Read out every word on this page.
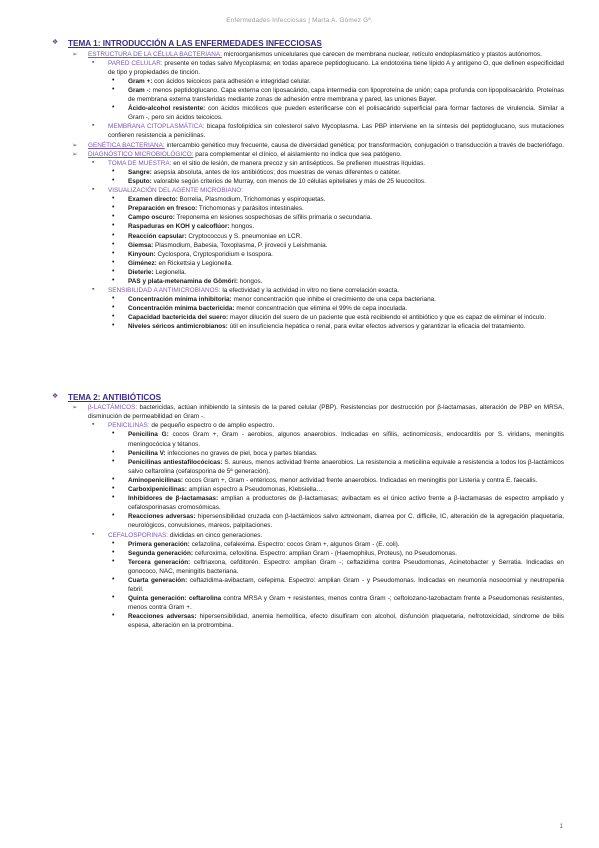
Enfermedades Infecciosas | Marta A. Gómez Gª.

❖ TEMA 1: INTRODUCCIÓN A LAS ENFERMEDADES INFECCIOSAS

➢ ESTRUCTURA DE LA CÉLULA BACTERIANA: microorganismos unicelulares que carecen de membrana nuclear, retículo endoplasmático y plastos autónomos.

▪ PARED CELULAR: presente en todas salvo Mycoplasma; en todas aparece peptidoglucano. La endotoxina tiene lípido A y antígeno O, que definen especificidad de tipo y propiedades de tinción.

• Gram +: con ácidos teicoicos para adhesión e integridad celular.

• Gram -: menos peptidoglucano. Capa externa con liposacárido, capa intermedia con lipoproteína de unión; capa profunda con lipopolisacárido. Proteínas de membrana externa transferidas mediante zonas de adhesión entre membrana y pared, las uniones Bayer.

• Ácido-alcohol resistente: con ácidos micólicos que pueden esterificarse con el polisacárido superficial para formar factores de virulencia. Similar a Gram -, pero sin ácidos teicoicos.

▪ MEMBRANA CITOPLASMÁTICA: bicapa fosfolipídica sin colesterol salvo Mycoplasma. Las PBP interviene en la síntesis del peptidoglucano, sus mutaciones confieren resistencia a penicilinas.

➢ GENÉTICA BACTERIANA: intercambio genético muy frecuente, causa de diversidad genética; por transformación, conjugación o transducción a través de bacteriófago.

➢ DIAGNÓSTICO MICROBIOLÓGICO: para complementar el clínico, el aislamiento no indica que sea patógeno.

▪ TOMA DE MUESTRA: en el sitio de lesión, de manera precoz y sin antisépticos. Se prefieren muestras líquidas.

• Sangre: asepsia absoluta, antes de los antibióticos; dos muestras de venas diferentes o catéter.

• Esputo: valorable según criterios de Murray, con menos de 10 células epiteliales y más de 25 leucocitos.

▪ VISUALIZACIÓN DEL AGENTE MICROBIANO:

• Examen directo: Borrelia, Plasmodium, Trichomonas y espiroquetas.

• Preparación en fresco: Trichomonas y parásitos intestinales.

• Campo oscuro: Treponema en lesiones sospechosas de sífilis primaria o secundaria.

• Raspaduras en KOH y calcoflúor: hongos.

• Reacción capsular: Cryptococcus y S. pneumoniae en LCR.

• Giemsa: Plasmodium, Babesia, Toxoplasma, P. jirovecii y Leishmania.

• Kinyoun: Cyclospora, Cryptosporidium e Isospora.

• Giménez: en Rickettsia y Legionella.

• Dieterle: Legionella.

• PAS y plata-metenamina de Gömöri: hongos.

▪ SENSIBILIDAD A ANTIMICROBIANOS: la efectividad y la actividad in vitro no tiene correlación exacta.

• Concentración mínima inhibitoria: menor concentración que inhibe el crecimiento de una cepa bacteriana.

• Concentración mínima bactericida: menor concentración que elimina el 99% de cepa inoculada.

• Capacidad bactericida del suero: mayor dilución del suero de un paciente que está recibiendo el antibiótico y que es capaz de eliminar el inóculo.

• Niveles séricos antimicrobianos: útil en insuficiencia hepática o renal, para evitar efectos adversos y garantizar la eficacia del tratamiento.

❖ TEMA 2: ANTIBIÓTICOS

➢ β-LACTÁMICOS: bactericidas, actúan inhibiendo la síntesis de la pared celular (PBP). Resistencias por destrucción por β-lactamasas, alteración de PBP en MRSA, disminución de permeabilidad en Gram -.

▪ PENICILINAS: de pequeño espectro o de amplio espectro.

• Penicilina G: cocos Gram +, Gram - aerobios, algunos anaerobios. Indicadas en sífilis, actinomicosis, endocarditis por S. viridans, meningitis meningocócica y tétanos.

• Penicilina V: infecciones no graves de piel, boca y partes blandas.

• Penicilinas antiestafilocócicas: S. aureus, menos actividad frente anaerobios. La resistencia a meticilina equivale a resistencia a todos los β-lactámicos salvo ceftarolina (cefalosporina de 5ª generación).

• Aminopenicilinas: cocos Gram +, Gram - entéricos, menor actividad frente anaerobios. Indicadas en meningitis por Listeria y contra E. faecalis.

• Carboxipenicilinas: amplian espectro a Pseudomonas, Klebsiella…

• Inhibidores de β-lactamasas: amplian a productores de β-lactamasas; avibactam es el único activo frente a β-lactamasas de espectro ampliado y cefalosporinasas cromosómicas.

• Reacciones adversas: hipersensibilidad cruzada con β-lactámicos salvo aztreonam, diarrea por C. difficile, IC, alteración de la agregación plaquetaria, neurológicos, convulsiones, mareos, palpitaciones.

▪ CEFALOSPORINAS: divididas en cinco generaciones.

• Primera generación: cefazolina, cefalexima. Espectro: cocos Gram +, algunos Gram - (E. coli).

• Segunda generación: cefuroxima, cefoxitina. Espectro: amplian Gram - (Haemophilus, Proteus), no Pseudomonas.

• Tercera generación: ceftriaxona, cefditorén. Espectro: amplian Gram -; ceftazidima contra Pseudomonas, Acinetobacter y Serratia. Indicadas en gonococo, NAC, meningitis bacteriana.

• Cuarta generación: ceftazidima-avibactam, cefepima. Espectro: amplian Gram - y Pseudomonas. Indicadas en neumonía nosocomial y neutropenia febril.

• Quinta generación: ceftarolina contra MRSA y Gram + resistentes, menos contra Gram -; ceftolozano-tazobactam frente a Pseudomonas resistentes, menos contra Gram +.

• Reacciones adversas: hipersensibilidad, anemia hemolítica, efecto disulfiram con alcohol, disfunción plaquetaria, nefrotoxicidad, síndrome de bilis espesa, alteración en la protrombina.

1
